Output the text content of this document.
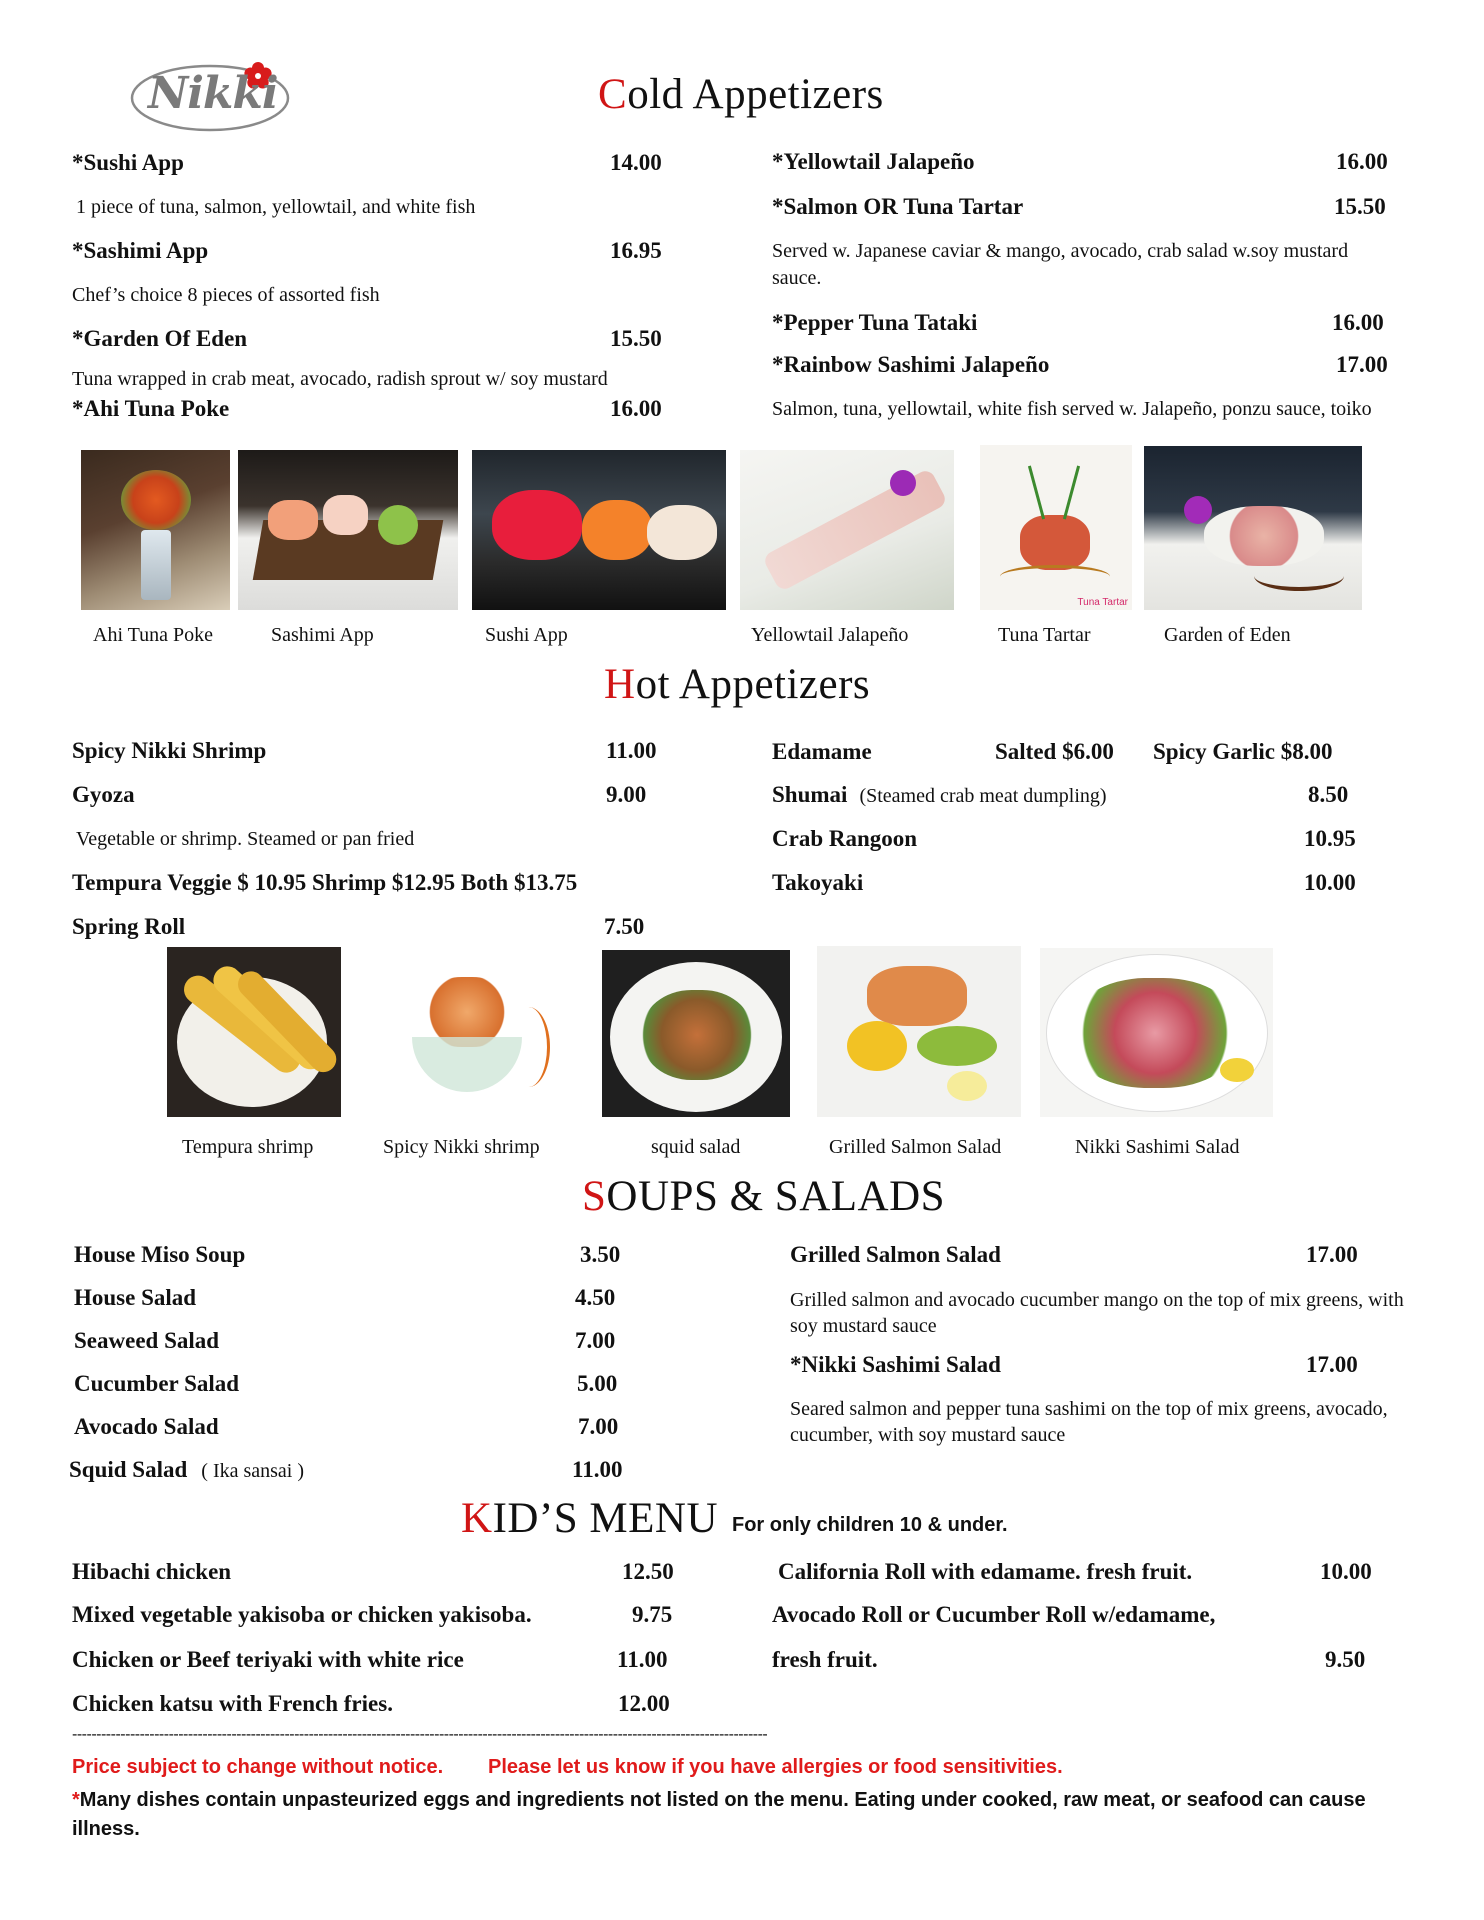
Nikki	Cold Appetizers
*Sushi App	14.00
1 piece of tuna, salmon, yellowtail, and white fish
*Sashimi App	16.95
Chef’s choice 8 pieces of assorted fish
*Garden Of Eden	15.50
Tuna wrapped in crab meat, avocado, radish sprout w/ soy mustard
*Ahi Tuna Poke	16.00
*Yellowtail Jalapeño	16.00
*Salmon OR Tuna Tartar	15.50
Served w. Japanese caviar & mango, avocado, crab salad w.soy mustard sauce.
*Pepper Tuna Tataki	16.00
*Rainbow Sashimi Jalapeño	17.00
Salmon, tuna, yellowtail, white fish served w. Jalapeño, ponzu sauce, toiko
Tuna Tartar
Ahi Tuna Poke	Sashimi App	Sushi App	Yellowtail Jalapeño	Tuna Tartar	Garden of Eden
Hot Appetizers
Spicy Nikki Shrimp	11.00
Gyoza	9.00
Vegetable or shrimp. Steamed or pan fried
Tempura Veggie $ 10.95 Shrimp $12.95 Both $13.75
Spring Roll	7.50
Edamame	Salted $6.00 Spicy Garlic $8.00
Shumai (Steamed crab meat dumpling)	8.50
Crab Rangoon	10.95
Takoyaki	10.00
Tempura shrimp	Spicy Nikki shrimp	squid salad	Grilled Salmon Salad	Nikki Sashimi Salad
SOUPS & SALADS
House Miso Soup	3.50
House Salad	4.50
Seaweed Salad	7.00
Cucumber Salad	5.00
Avocado Salad	7.00
Squid Salad ( Ika sansai )	11.00
Grilled Salmon Salad	17.00
Grilled salmon and avocado cucumber mango on the top of mix greens, with soy mustard sauce
*Nikki Sashimi Salad	17.00
Seared salmon and pepper tuna sashimi on the top of mix greens, avocado, cucumber, with soy mustard sauce
KID’S MENU For only children 10 & under.
Hibachi chicken	12.50
Mixed vegetable yakisoba or chicken yakisoba.	9.75
Chicken or Beef teriyaki with white rice	11.00
Chicken katsu with French fries.	12.00
California Roll with edamame. fresh fruit.	10.00
Avocado Roll or Cucumber Roll w/edamame,
fresh fruit.	9.50
------------------------------------------------------------------------------------------------------------------------------------------------
Price subject to change without notice. Please let us know if you have allergies or food sensitivities.
*Many dishes contain unpasteurized eggs and ingredients not listed on the menu. Eating under cooked, raw meat, or seafood can cause illness.
